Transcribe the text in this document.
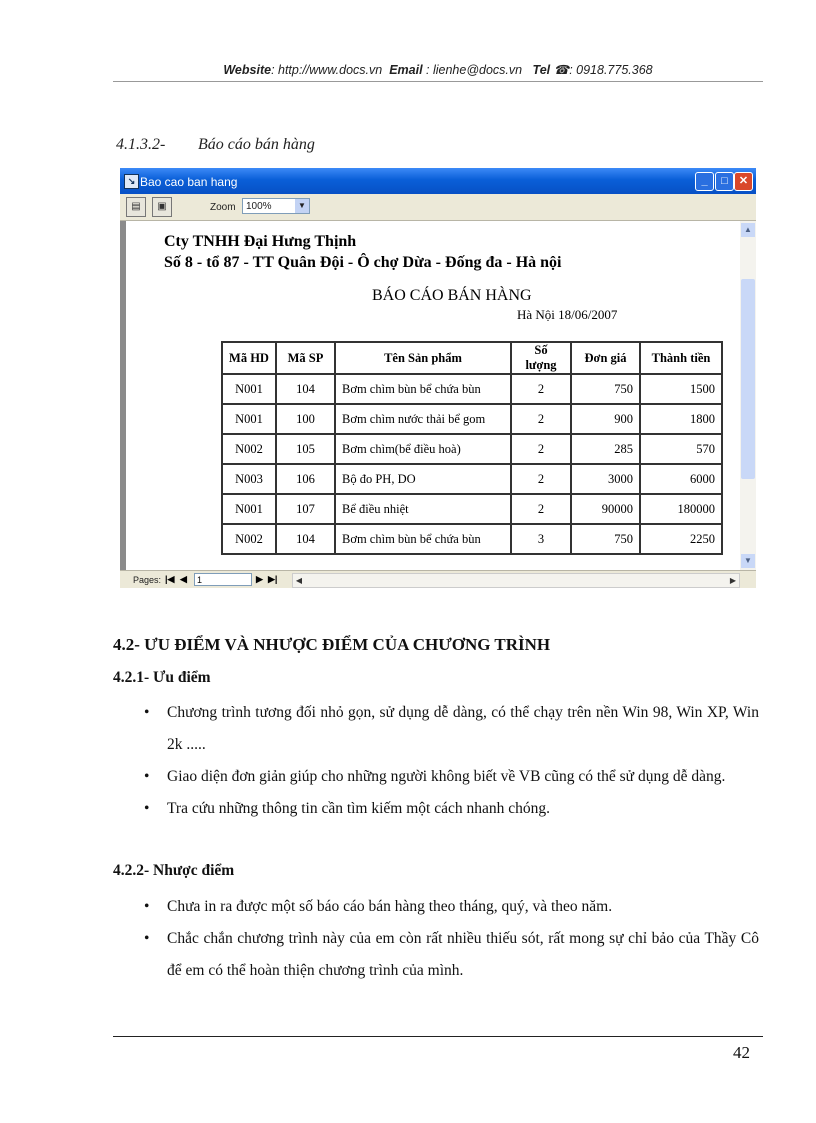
Website: http://www.docs.vn Email : lienhe@docs.vn Tel ☎: 0918.775.368
4.1.3.2- Báo cáo bán hàng
↘ Bao cao ban hang	_	□	✕
▤	▣	Zoom	100%	▼
Cty TNHH Đại Hưng Thịnh
Số 8 - tổ 87 - TT Quân Đội - Ô chợ Dừa - Đống đa - Hà nội
BÁO CÁO BÁN HÀNG
Hà Nội 18/06/2007
Mã HD	Mã SP	Tên Sản phẩm	Số lượng	Đơn giá	Thành tiền
N001	104	Bơm chìm bùn bể chứa bùn	2	750	1500
N001	100	Bơm chìm nước thải bể gom	2	900	1800
N002	105	Bơm chìm(bể điều hoà)	2	285	570
N003	106	Bộ đo PH, DO	2	3000	6000
N001	107	Bể điều nhiệt	2	90000	180000
N002	104	Bơm chìm bùn bể chứa bùn	3	750	2250
▲
▼
Pages: |◀ ◀	1	▶ ▶|	◀	▶
4.2- ƯU ĐIỂM VÀ NHƯỢC ĐIỂM CỦA CHƯƠNG TRÌNH
4.2.1- Ưu điểm
• Chương trình tương đối nhỏ gọn, sử dụng dễ dàng, có thể chạy trên nền Win 98, Win XP, Win 2k .....
• Giao diện đơn giản giúp cho những người không biết về VB cũng có thể sử dụng dễ dàng.
• Tra cứu những thông tin cần tìm kiếm một cách nhanh chóng.
4.2.2- Nhược điểm
• Chưa in ra được một số báo cáo bán hàng theo tháng, quý, và theo năm.
• Chắc chắn chương trình này của em còn rất nhiều thiếu sót, rất mong sự chỉ bảo của Thầy Cô để em có thể hoàn thiện chương trình của mình.
42
